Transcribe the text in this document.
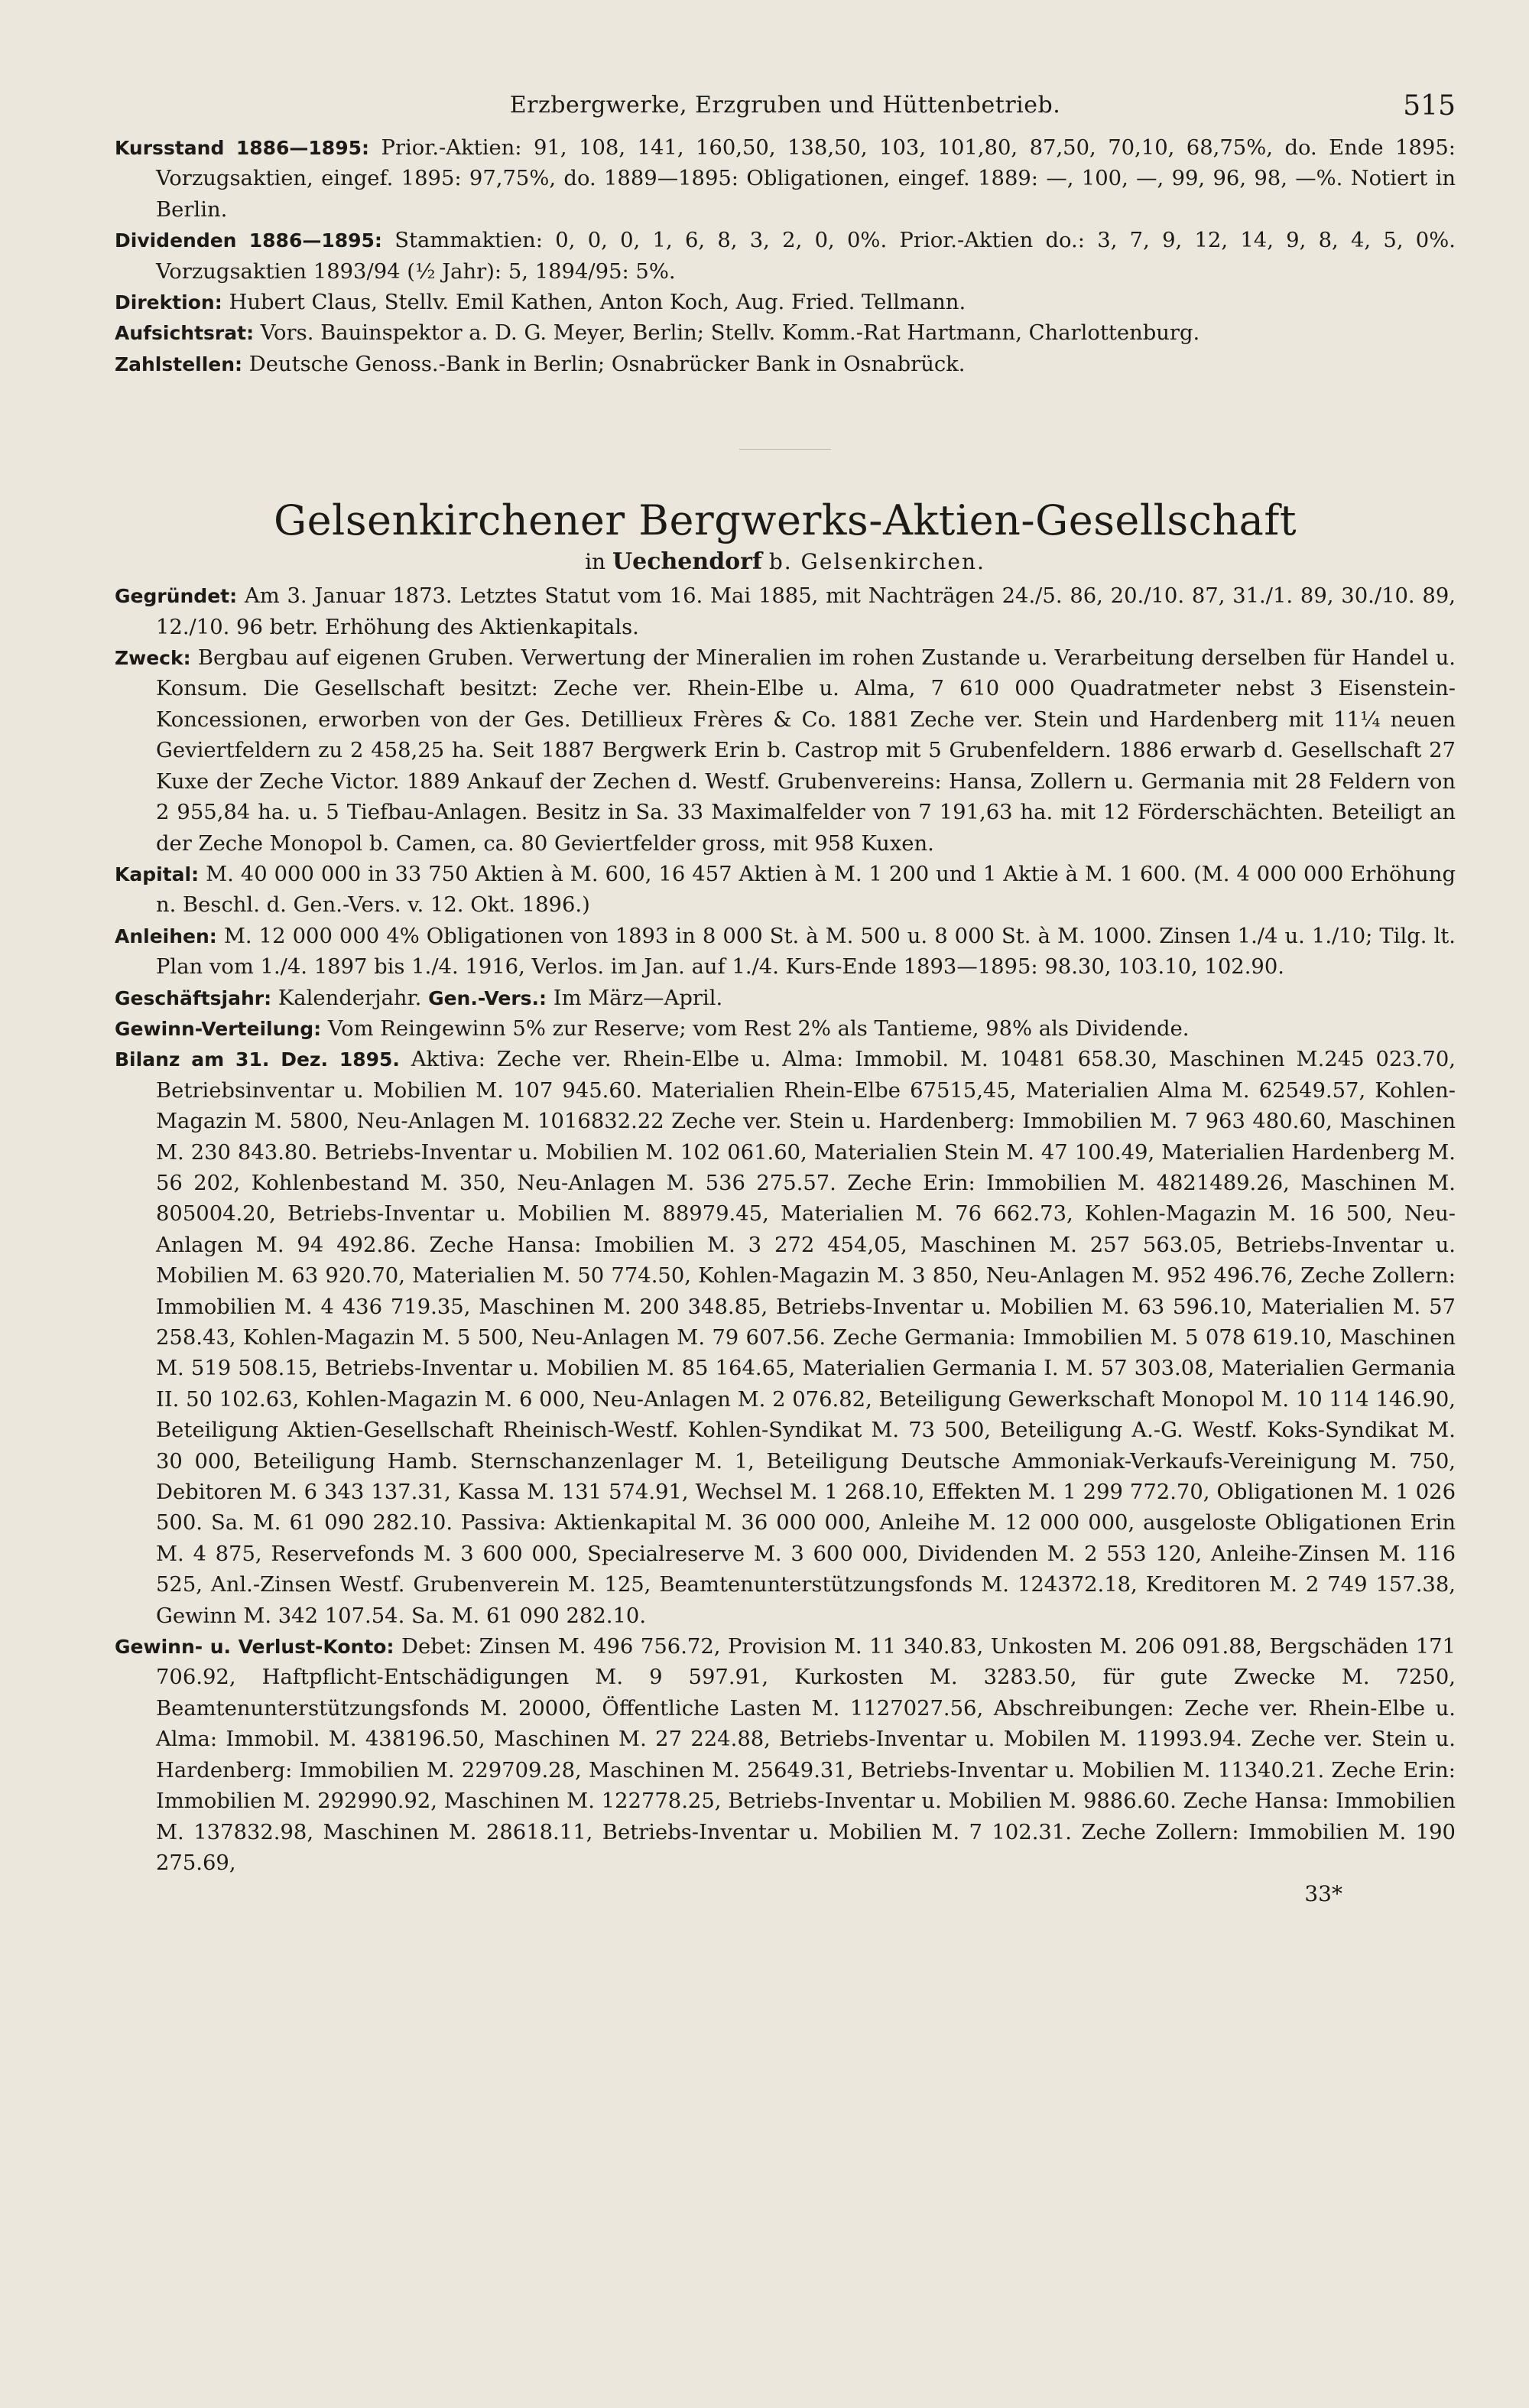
Erzbergwerke, Erzgruben und Hüttenbetrieb.	515
Kursstand 1886—1895: Prior.-Aktien: 91, 108, 141, 160,50, 138,50, 103, 101,80, 87,50, 70,10, 68,75%, do. Ende 1895: Vorzugsaktien, eingef. 1895: 97,75%, do. 1889—1895: Obligationen, eingef. 1889: —, 100, —, 99, 96, 98, —%. Notiert in Berlin.
Dividenden 1886—1895: Stammaktien: 0, 0, 0, 1, 6, 8, 3, 2, 0, 0%. Prior.-Aktien do.: 3, 7, 9, 12, 14, 9, 8, 4, 5, 0%. Vorzugsaktien 1893/94 (½ Jahr): 5, 1894/95: 5%.
Direktion: Hubert Claus, Stellv. Emil Kathen, Anton Koch, Aug. Fried. Tellmann.
Aufsichtsrat: Vors. Bauinspektor a. D. G. Meyer, Berlin; Stellv. Komm.-Rat Hartmann, Charlottenburg.
Zahlstellen: Deutsche Genoss.-Bank in Berlin; Osnabrücker Bank in Osnabrück.
Gelsenkirchener Bergwerks-Aktien-Gesellschaft
in Uechendorf b. Gelsenkirchen.
Gegründet: Am 3. Januar 1873. Letztes Statut vom 16. Mai 1885, mit Nachträgen 24./5. 86, 20./10. 87, 31./1. 89, 30./10. 89, 12./10. 96 betr. Erhöhung des Aktienkapitals.
Zweck: Bergbau auf eigenen Gruben. Verwertung der Mineralien im rohen Zustande u. Verarbeitung derselben für Handel u. Konsum. Die Gesellschaft besitzt: Zeche ver. Rhein-Elbe u. Alma, 7 610 000 Quadratmeter nebst 3 Eisenstein-Koncessionen, erworben von der Ges. Detillieux Frères & Co. 1881 Zeche ver. Stein und Hardenberg mit 11¼ neuen Geviertfeldern zu 2 458,25 ha. Seit 1887 Bergwerk Erin b. Castrop mit 5 Grubenfeldern. 1886 erwarb d. Gesellschaft 27 Kuxe der Zeche Victor. 1889 Ankauf der Zechen d. Westf. Grubenvereins: Hansa, Zollern u. Germania mit 28 Feldern von 2 955,84 ha. u. 5 Tiefbau-Anlagen. Besitz in Sa. 33 Maximalfelder von 7 191,63 ha. mit 12 Förderschächten. Beteiligt an der Zeche Monopol b. Camen, ca. 80 Geviertfelder gross, mit 958 Kuxen.
Kapital: M. 40 000 000 in 33 750 Aktien à M. 600, 16 457 Aktien à M. 1 200 und 1 Aktie à M. 1 600. (M. 4 000 000 Erhöhung n. Beschl. d. Gen.-Vers. v. 12. Okt. 1896.)
Anleihen: M. 12 000 000 4% Obligationen von 1893 in 8 000 St. à M. 500 u. 8 000 St. à M. 1000. Zinsen 1./4 u. 1./10; Tilg. lt. Plan vom 1./4. 1897 bis 1./4. 1916, Verlos. im Jan. auf 1./4. Kurs-Ende 1893—1895: 98.30, 103.10, 102.90.
Geschäftsjahr: Kalenderjahr. Gen.-Vers.: Im März—April.
Gewinn-Verteilung: Vom Reingewinn 5% zur Reserve; vom Rest 2% als Tantieme, 98% als Dividende.
Bilanz am 31. Dez. 1895. Aktiva: Zeche ver. Rhein-Elbe u. Alma: Immobil. M. 10481 658.30, Maschinen M.245 023.70, Betriebsinventar u. Mobilien M. 107 945.60. Materialien Rhein-Elbe 67515,45, Materialien Alma M. 62549.57, Kohlen-Magazin M. 5800, Neu-Anlagen M. 1016832.22 Zeche ver. Stein u. Hardenberg: Immobilien M. 7 963 480.60, Maschinen M. 230 843.80. Betriebs-Inventar u. Mobilien M. 102 061.60, Materialien Stein M. 47 100.49, Materialien Hardenberg M. 56 202, Kohlenbestand M. 350, Neu-Anlagen M. 536 275.57. Zeche Erin: Immobilien M. 4821489.26, Maschinen M. 805004.20, Betriebs-Inventar u. Mobilien M. 88979.45, Materialien M. 76 662.73, Kohlen-Magazin M. 16 500, Neu-Anlagen M. 94 492.86. Zeche Hansa: Imobilien M. 3 272 454,05, Maschinen M. 257 563.05, Betriebs-Inventar u. Mobilien M. 63 920.70, Materialien M. 50 774.50, Kohlen-Magazin M. 3 850, Neu-Anlagen M. 952 496.76, Zeche Zollern: Immobilien M. 4 436 719.35, Maschinen M. 200 348.85, Betriebs-Inventar u. Mobilien M. 63 596.10, Materialien M. 57 258.43, Kohlen-Magazin M. 5 500, Neu-Anlagen M. 79 607.56. Zeche Germania: Immobilien M. 5 078 619.10, Maschinen M. 519 508.15, Betriebs-Inventar u. Mobilien M. 85 164.65, Materialien Germania I. M. 57 303.08, Materialien Germania II. 50 102.63, Kohlen-Magazin M. 6 000, Neu-Anlagen M. 2 076.82, Beteiligung Gewerkschaft Monopol M. 10 114 146.90, Beteiligung Aktien-Gesellschaft Rheinisch-Westf. Kohlen-Syndikat M. 73 500, Beteiligung A.-G. Westf. Koks-Syndikat M. 30 000, Beteiligung Hamb. Sternschanzenlager M. 1, Beteiligung Deutsche Ammoniak-Verkaufs-Vereinigung M. 750, Debitoren M. 6 343 137.31, Kassa M. 131 574.91, Wechsel M. 1 268.10, Effekten M. 1 299 772.70, Obligationen M. 1 026 500. Sa. M. 61 090 282.10. Passiva: Aktienkapital M. 36 000 000, Anleihe M. 12 000 000, ausgeloste Obligationen Erin M. 4 875, Reservefonds M. 3 600 000, Specialreserve M. 3 600 000, Dividenden M. 2 553 120, Anleihe-Zinsen M. 116 525, Anl.-Zinsen Westf. Grubenverein M. 125, Beamtenunterstützungsfonds M. 124372.18, Kreditoren M. 2 749 157.38, Gewinn M. 342 107.54. Sa. M. 61 090 282.10.
Gewinn- u. Verlust-Konto: Debet: Zinsen M. 496 756.72, Provision M. 11 340.83, Unkosten M. 206 091.88, Bergschäden 171 706.92, Haftpflicht-Entschädigungen M. 9 597.91, Kurkosten M. 3283.50, für gute Zwecke M. 7250, Beamtenunterstützungsfonds M. 20000, Öffentliche Lasten M. 1127027.56, Abschreibungen: Zeche ver. Rhein-Elbe u. Alma: Immobil. M. 438196.50, Maschinen M. 27 224.88, Betriebs-Inventar u. Mobilen M. 11993.94. Zeche ver. Stein u. Hardenberg: Immobilien M. 229709.28, Maschinen M. 25649.31, Betriebs-Inventar u. Mobilien M. 11340.21. Zeche Erin: Immobilien M. 292990.92, Maschinen M. 122778.25, Betriebs-Inventar u. Mobilien M. 9886.60. Zeche Hansa: Immobilien M. 137832.98, Maschinen M. 28618.11, Betriebs-Inventar u. Mobilien M. 7 102.31. Zeche Zollern: Immobilien M. 190 275.69,
33*
